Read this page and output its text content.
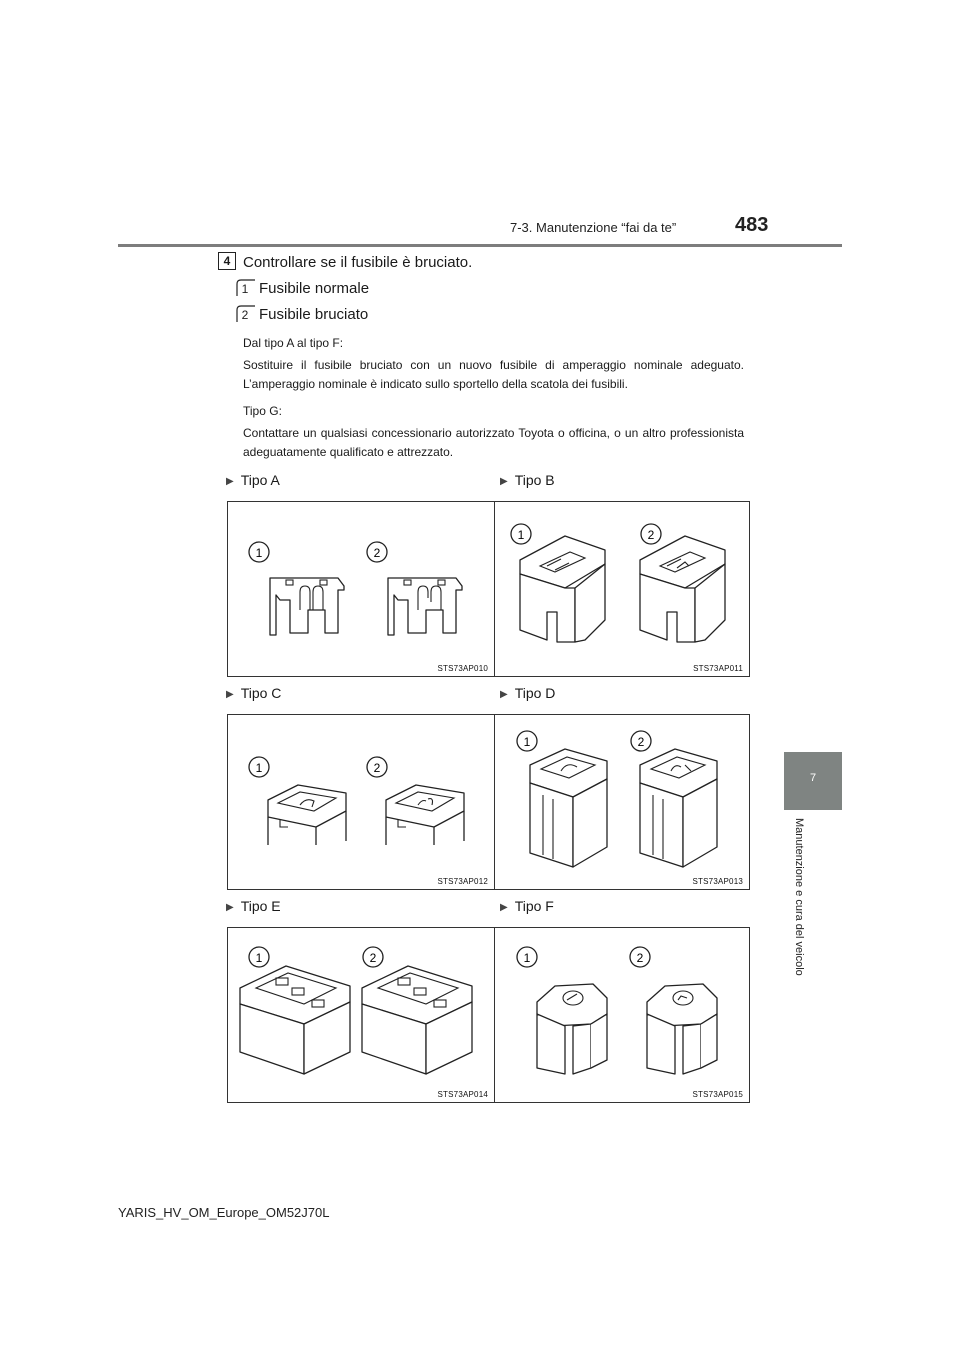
7-3. Manutenzione “fai da te”	483
7
Manutenzione e cura del veicolo
4 Controllare se il fusibile è bruciato.
1 Fusibile normale
2 Fusibile bruciato
Dal tipo A al tipo F:
Sostituire il fusibile bruciato con un nuovo fusibile di amperaggio nominale adeguato. L’amperaggio nominale è indicato sullo sportello della scatola dei fusibili.
Tipo G:
Contattare un qualsiasi concessionario autorizzato Toyota o officina, o un altro professionista adeguatamente qualificato e attrezzato.
▶ Tipo A	▶ Tipo B
▶ Tipo C	▶ Tipo D
▶ Tipo E	▶ Tipo F
1	2
STS73AP010
1	2
STS73AP011
1	2
STS73AP012
1	2
STS73AP013
1	2
STS73AP014
1	2
STS73AP015
YARIS_HV_OM_Europe_OM52J70L
